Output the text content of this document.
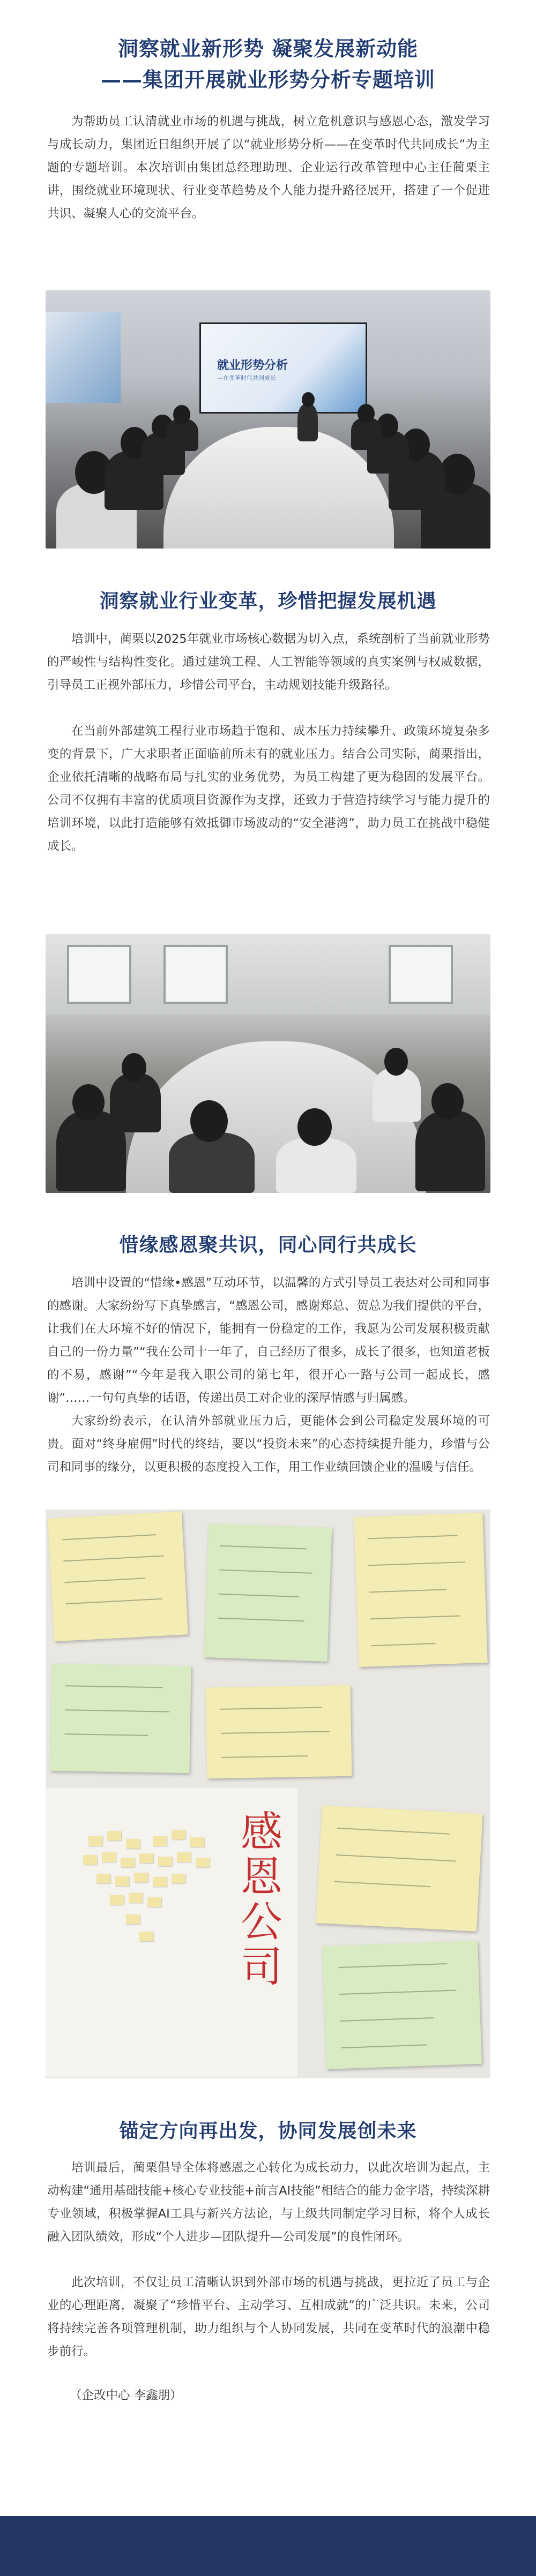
洞察就业新形势 凝聚发展新动能
——集团开展就业形势分析专题培训

为帮助员工认清就业市场的机遇与挑战，树立危机意识与感恩心态，激发学习与成长动力，集团近日组织开展了以“就业形势分析——在变革时代共同成长”为主题的专题培训。本次培训由集团总经理助理、企业运行改革管理中心主任蔺栗主讲，围绕就业环境现状、行业变革趋势及个人能力提升路径展开，搭建了一个促进共识、凝聚人心的交流平台。

就业形势分析
—在变革时代共同成长
洞察就业行业变革，珍惜把握发展机遇

培训中，蔺栗以2025年就业市场核心数据为切入点，系统剖析了当前就业形势的严峻性与结构性变化。通过建筑工程、人工智能等领域的真实案例与权威数据，引导员工正视外部压力，珍惜公司平台，主动规划技能升级路径。

在当前外部建筑工程行业市场趋于饱和、成本压力持续攀升、政策环境复杂多变的背景下，广大求职者正面临前所未有的就业压力。结合公司实际，蔺栗指出，企业依托清晰的战略布局与扎实的业务优势，为员工构建了更为稳固的发展平台。公司不仅拥有丰富的优质项目资源作为支撑，还致力于营造持续学习与能力提升的培训环境，以此打造能够有效抵御市场波动的“安全港湾”，助力员工在挑战中稳健成长。

惜缘感恩聚共识，同心同行共成长

培训中设置的“惜缘•感恩”互动环节，以温馨的方式引导员工表达对公司和同事的感谢。大家纷纷写下真挚感言，“感恩公司，感谢郑总、贺总为我们提供的平台，让我们在大环境不好的情况下，能拥有一份稳定的工作，我愿为公司发展积极贡献自己的一份力量”“我在公司十一年了，自己经历了很多，成长了很多，也知道老板的不易，感谢”“今年是我入职公司的第七年，很开心一路与公司一起成长，感谢”……一句句真挚的话语，传递出员工对企业的深厚情感与归属感。

大家纷纷表示，在认清外部就业压力后，更能体会到公司稳定发展环境的可贵。面对“终身雇佣”时代的终结，要以“投资未来”的心态持续提升能力，珍惜与公司和同事的缘分，以更积极的态度投入工作，用工作业绩回馈企业的温暖与信任。

感恩公司
锚定方向再出发，协同发展创未来

培训最后，蔺栗倡导全体将感恩之心转化为成长动力，以此次培训为起点，主动构建“通用基础技能+核心专业技能+前言AI技能”相结合的能力金字塔，持续深耕专业领域，积极掌握AI工具与新兴方法论，与上级共同制定学习目标，将个人成长融入团队绩效，形成“个人进步—团队提升—公司发展”的良性闭环。

此次培训，不仅让员工清晰认识到外部市场的机遇与挑战，更拉近了员工与企业的心理距离，凝聚了“珍惜平台、主动学习、互相成就”的广泛共识。未来，公司将持续完善各项管理机制，助力组织与个人协同发展，共同在变革时代的浪潮中稳步前行。

（企改中心 李鑫朋）
